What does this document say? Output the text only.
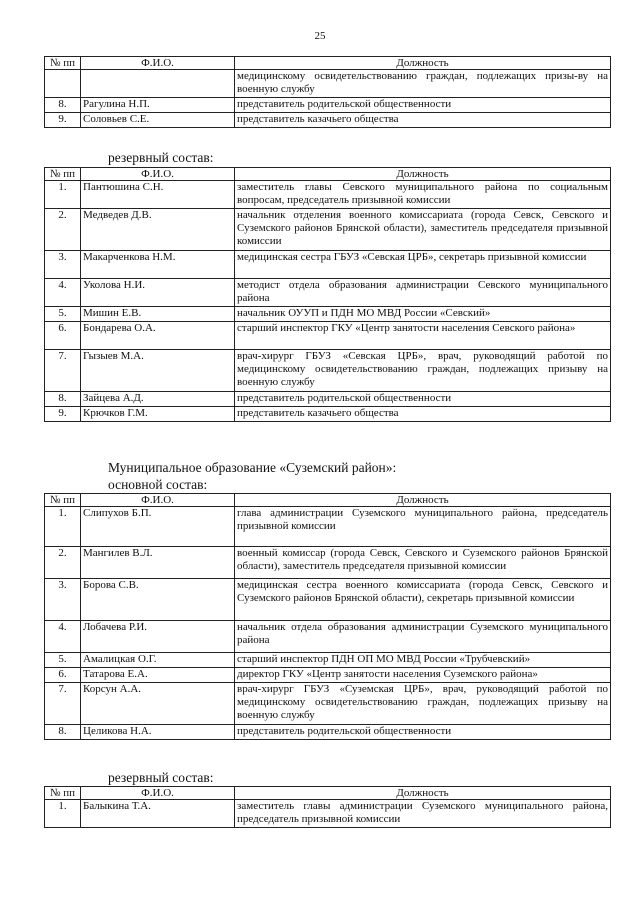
25
№ пп	Ф.И.О.	Должность
		медицинскому освидетельствованию граждан, подлежащих призы-ву на военную службу
8.	Рагулина Н.П.	представитель родительской общественности
9.	Соловьев С.Е.	представитель казачьего общества
резервный состав:
№ пп	Ф.И.О.	Должность
1.	Пантюшина С.Н.	заместитель главы Севского муниципального района по социальным вопросам, председатель призывной комиссии
2.	Медведев Д.В.	начальник отделения военного комиссариата (города Севск, Севского и Суземского районов Брянской области), заместитель председателя призывной комиссии
3.	Макарченкова Н.М.	медицинская сестра ГБУЗ «Севская ЦРБ», секретарь призывной комиссии
4.	Уколова Н.И.	методист отдела образования администрации Севского муниципального района
5.	Мишин Е.В.	начальник ОУУП и ПДН МО МВД России «Севский»
6.	Бондарева О.А.	старший инспектор ГКУ «Центр занятости населения Севского района»
7.	Гызыев М.А.	врач-хирург ГБУЗ «Севская ЦРБ», врач, руководящий работой по медицинскому освидетельствованию граждан, подлежащих призыву на военную службу
8.	Зайцева А.Д.	представитель родительской общественности
9.	Крючков Г.М.	представитель казачьего общества
Муниципальное образование «Суземский район»:
основной состав:
№ пп	Ф.И.О.	Должность
1.	Слипухов Б.П.	глава администрации Суземского муниципального района, председатель призывной комиссии
2.	Мангилев В.Л.	военный комиссар (города Севск, Севского и Суземского районов Брянской области), заместитель председателя призывной комиссии
3.	Борова С.В.	медицинская сестра военного комиссариата (города Севск, Севского и Суземского районов Брянской области), секретарь призывной комиссии
4.	Лобачева Р.И.	начальник отдела образования администрации Суземского муниципального района
5.	Амалицкая О.Г.	старший инспектор ПДН ОП МО МВД России «Трубчевский»
6.	Татарова Е.А.	директор ГКУ «Центр занятости населения Суземского района»
7.	Корсун А.А.	врач-хирург ГБУЗ «Суземская ЦРБ», врач, руководящий работой по медицинскому освидетельствованию граждан, подлежащих призыву на военную службу
8.	Целикова Н.А.	представитель родительской общественности
резервный состав:
№ пп	Ф.И.О.	Должность
1.	Балыкина Т.А.	заместитель главы администрации Суземского муниципального района, председатель призывной комиссии
